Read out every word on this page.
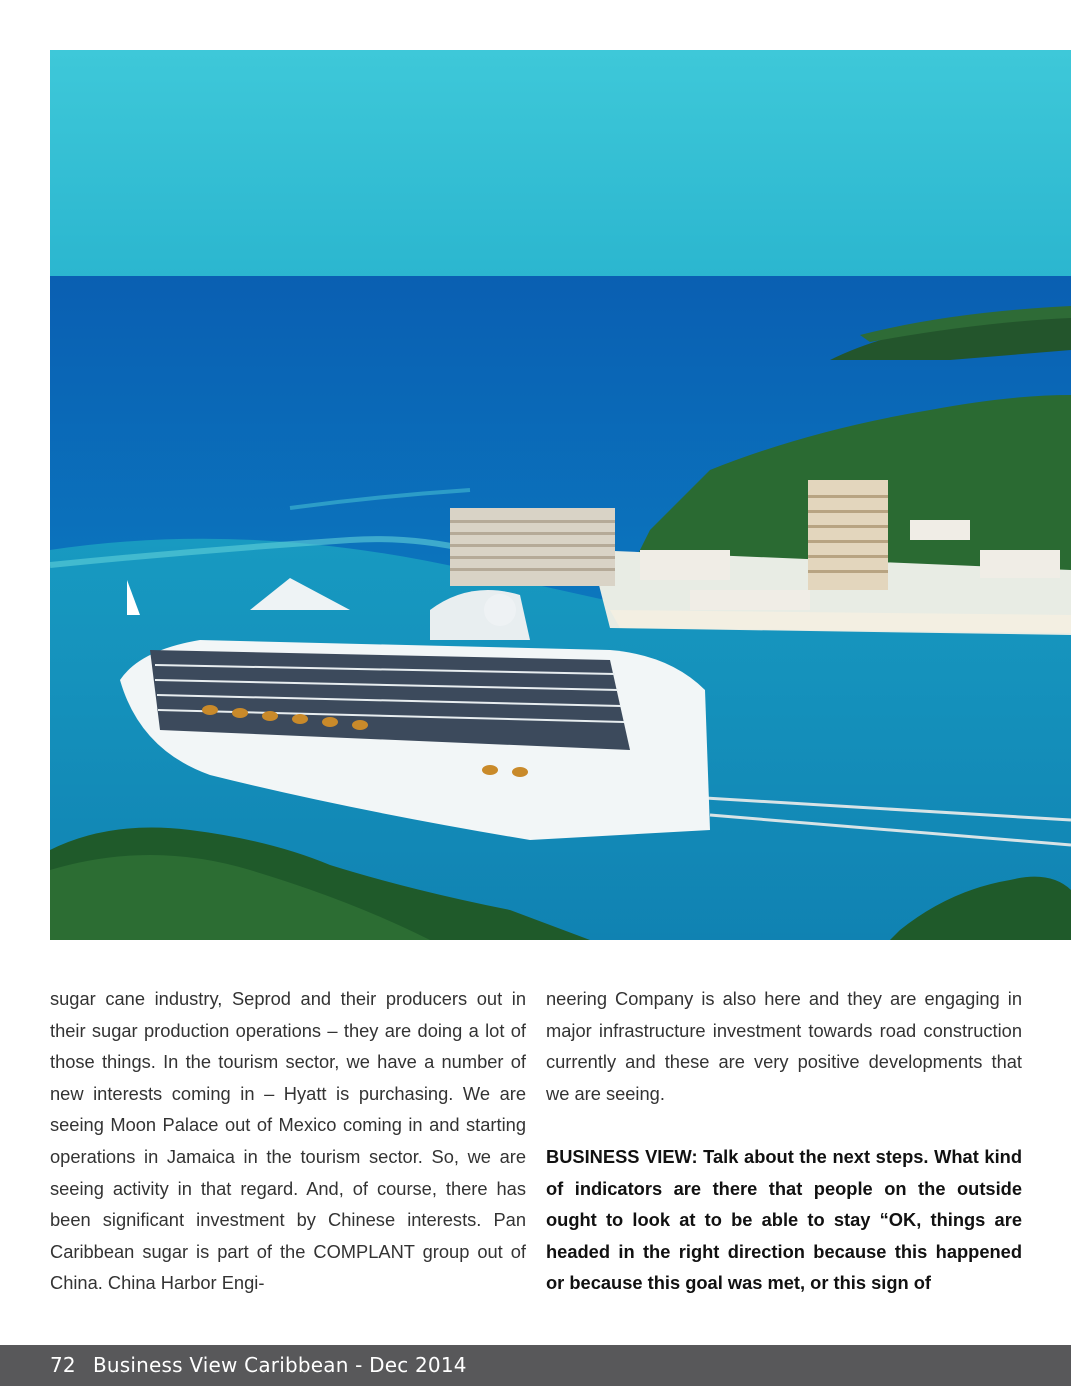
sugar cane industry, Seprod and their producers out in their sugar production operations – they are doing a lot of those things. In the tourism sector, we have a number of new interests coming in – Hyatt is purchasing. We are seeing Moon Palace out of Mexico coming in and starting operations in Jamaica in the tourism sector. So, we are seeing activity in that regard. And, of course, there has been significant investment by Chinese interests. Pan Caribbean sugar is part of the COMPLANT group out of China. China Harbor Engi-

neering Company is also here and they are engaging in major infrastructure investment towards road construction currently and these are very positive developments that we are seeing.

BUSINESS VIEW: Talk about the next steps. What kind of indicators are there that people on the outside ought to look at to be able to stay “OK, things are headed in the right direction because this happened or because this goal was met, or this sign of

72 Business View Caribbean - Dec 2014
